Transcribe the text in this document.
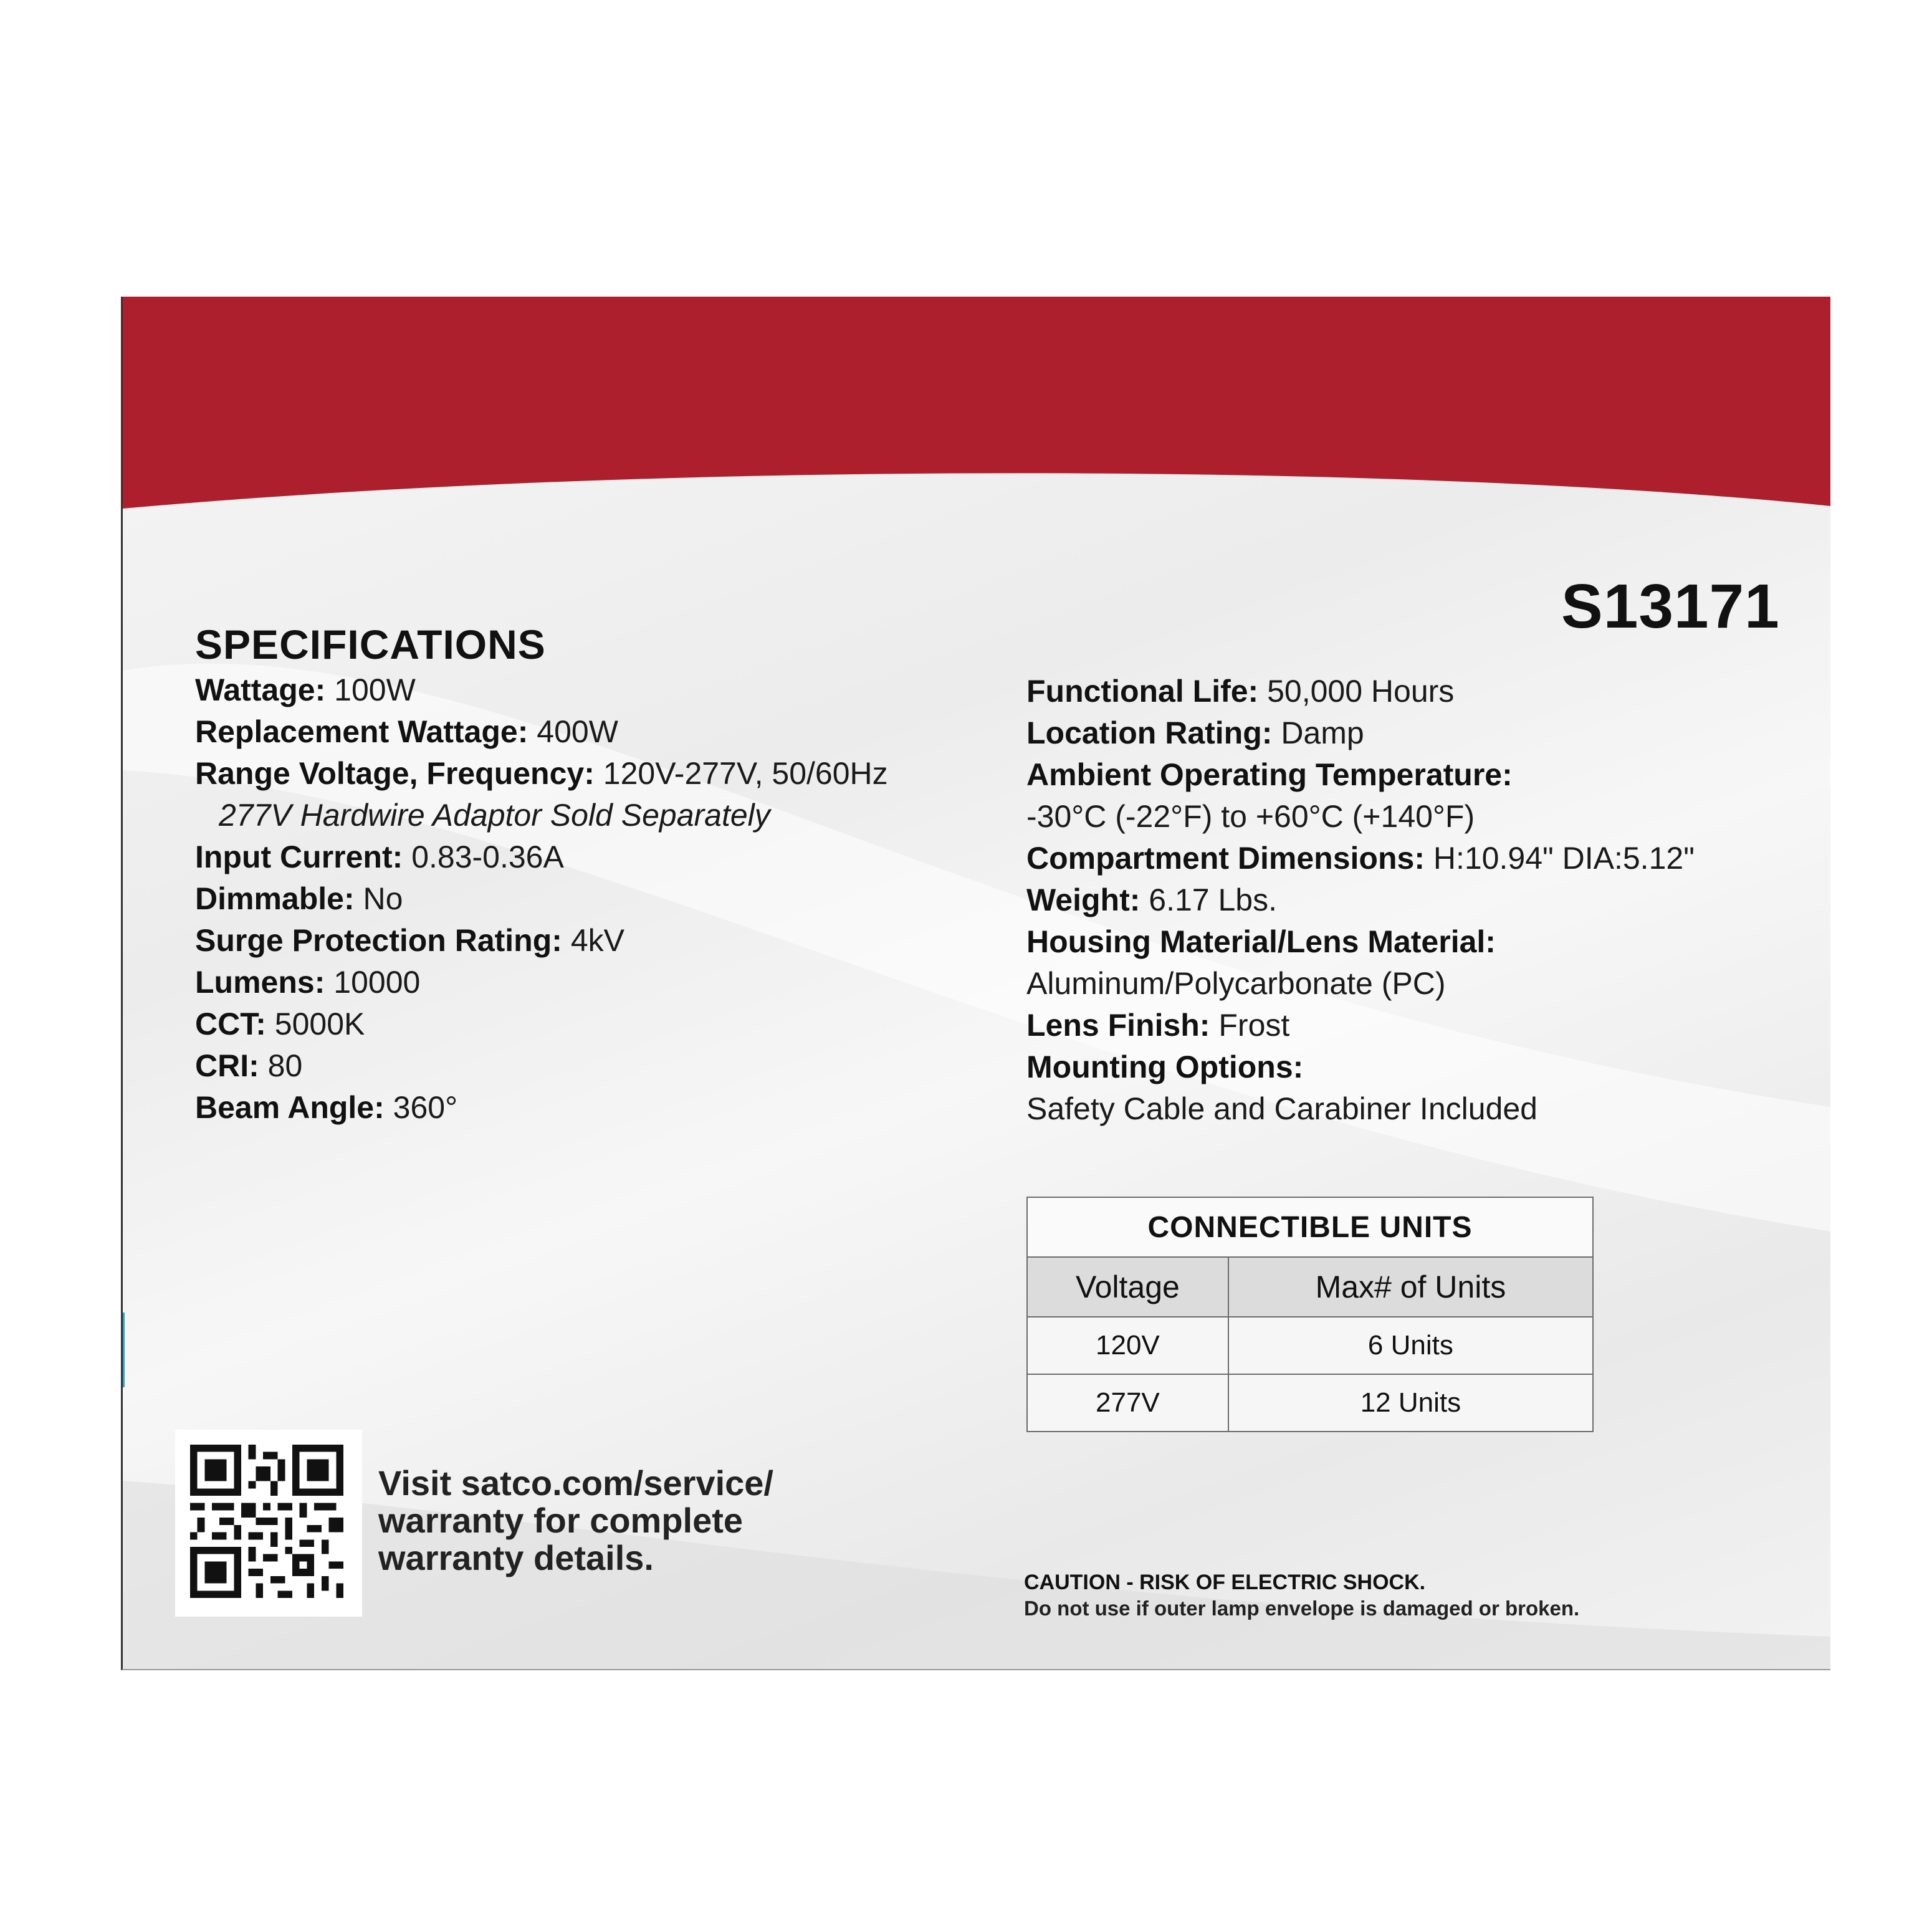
S13171
SPECIFICATIONS
Wattage: 100W
Replacement Wattage: 400W
Range Voltage, Frequency: 120V-277V, 50/60Hz
277V Hardwire Adaptor Sold Separately
Input Current: 0.83-0.36A
Dimmable: No
Surge Protection Rating: 4kV
Lumens: 10000
CCT: 5000K
CRI: 80
Beam Angle: 360°
Functional Life: 50,000 Hours
Location Rating: Damp
Ambient Operating Temperature:
-30°C (-22°F) to +60°C (+140°F)
Compartment Dimensions: H:10.94" DIA:5.12"
Weight: 6.17 Lbs.
Housing Material/Lens Material:
Aluminum/Polycarbonate (PC)
Lens Finish: Frost
Mounting Options:
Safety Cable and Carabiner Included
CONNECTIBLE UNITS	
Voltage	Max# of Units
120V	6 Units
277V	12 Units
Visit satco.com/service/
warranty for complete
warranty details.
CAUTION - RISK OF ELECTRIC SHOCK.
Do not use if outer lamp envelope is damaged or broken.
